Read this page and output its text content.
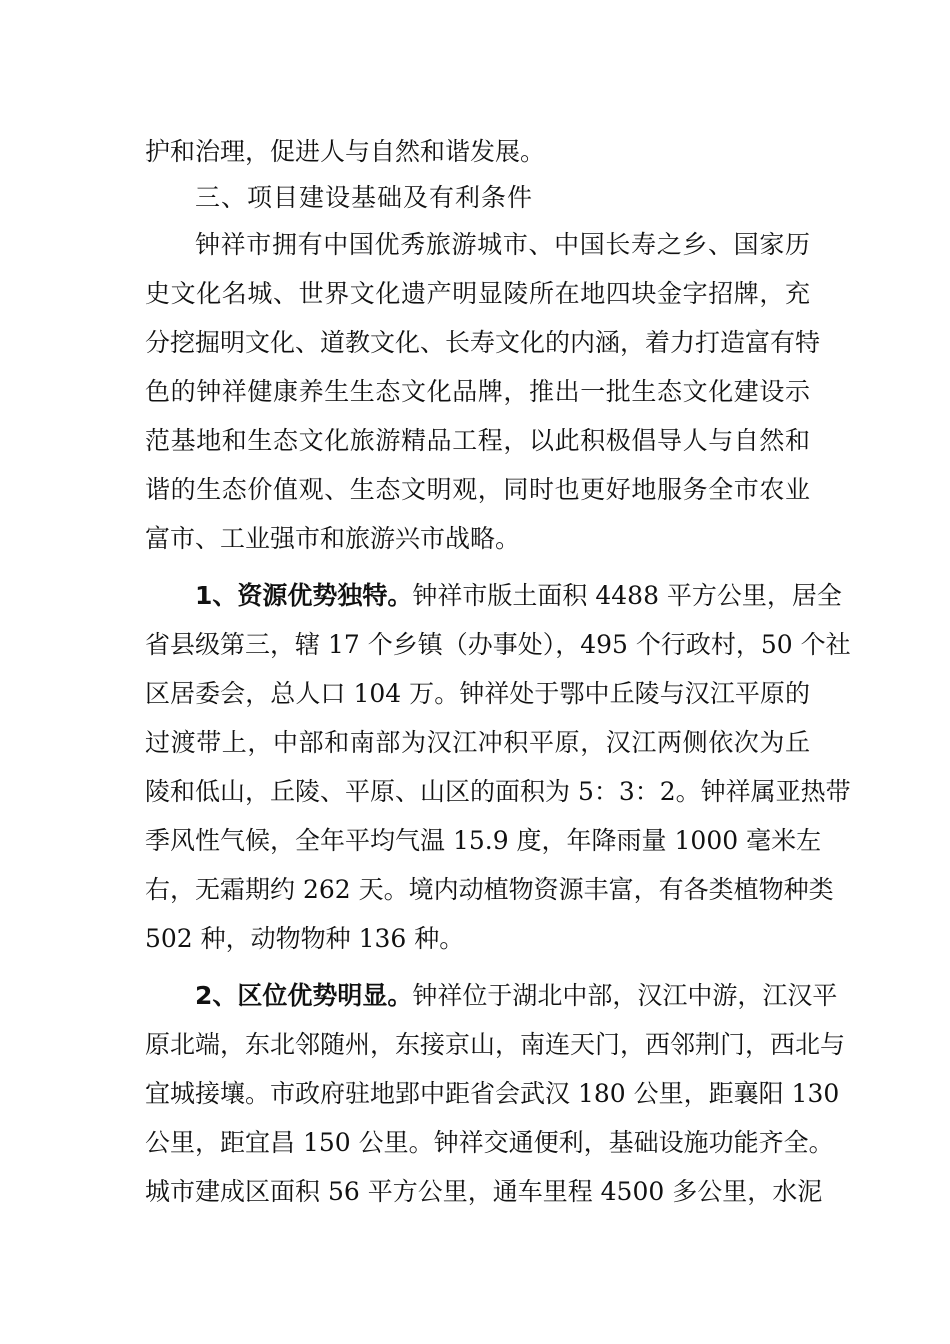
护和治理，促进人与自然和谐发展。
三、项目建设基础及有利条件
钟祥市拥有中国优秀旅游城市、中国长寿之乡、国家历
史文化名城、世界文化遗产明显陵所在地四块金字招牌，充
分挖掘明文化、道教文化、长寿文化的内涵，着力打造富有特
色的钟祥健康养生生态文化品牌，推出一批生态文化建设示
范基地和生态文化旅游精品工程，以此积极倡导人与自然和
谐的生态价值观、生态文明观，同时也更好地服务全市农业
富市、工业强市和旅游兴市战略。
1、资源优势独特。钟祥市版土面积 4488 平方公里，居全
省县级第三，辖 17 个乡镇（办事处），495 个行政村，50 个社
区居委会，总人口 104 万。钟祥处于鄂中丘陵与汉江平原的
过渡带上，中部和南部为汉江冲积平原，汉江两侧依次为丘
陵和低山，丘陵、平原、山区的面积为 5：3：2。钟祥属亚热带
季风性气候，全年平均气温 15.9 度，年降雨量 1000 毫米左
右，无霜期约 262 天。境内动植物资源丰富，有各类植物种类
502 种，动物物种 136 种。
2、区位优势明显。钟祥位于湖北中部，汉江中游，江汉平
原北端，东北邻随州，东接京山，南连天门，西邻荆门，西北与
宜城接壤。市政府驻地郢中距省会武汉 180 公里，距襄阳 130
公里，距宜昌 150 公里。钟祥交通便利，基础设施功能齐全。
城市建成区面积 56 平方公里，通车里程 4500 多公里，水泥
